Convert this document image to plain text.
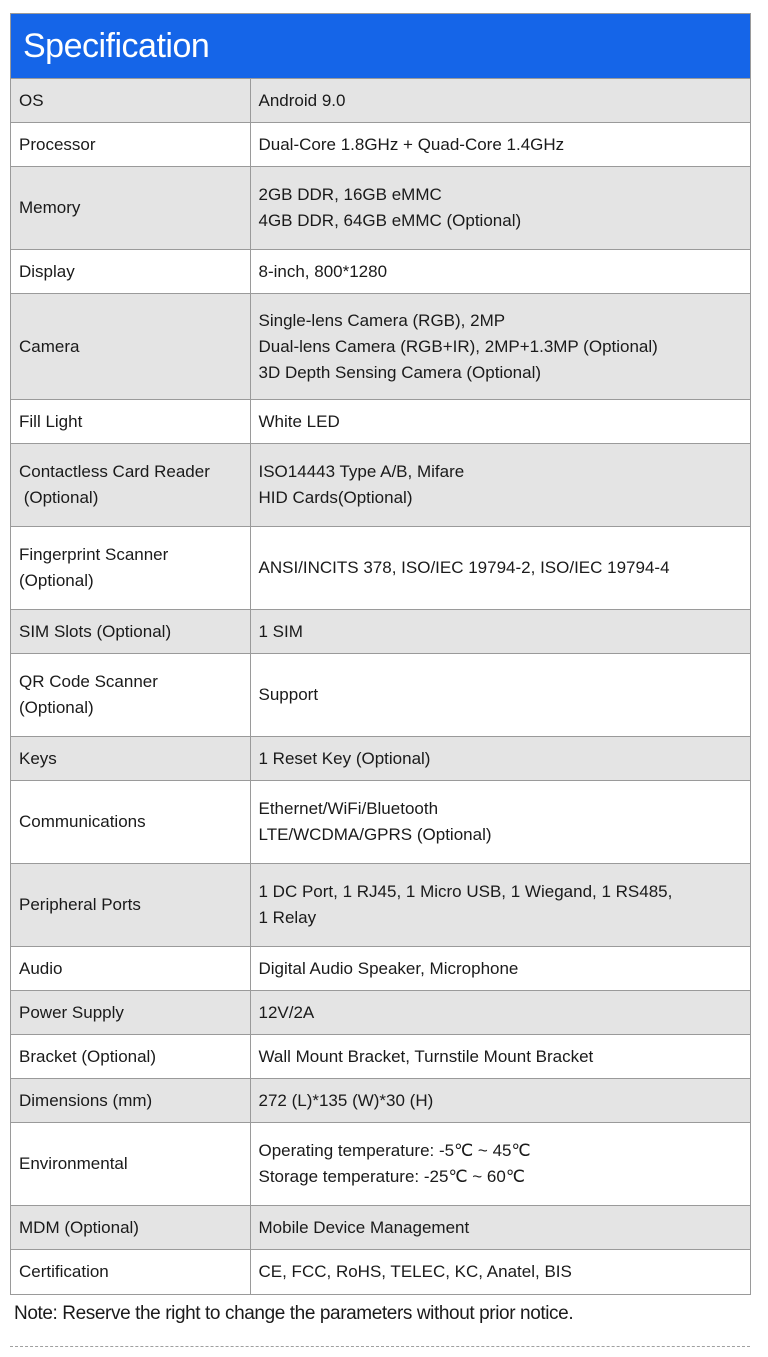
Specification
OS	Android 9.0

Processor	Dual-Core 1.8GHz + Quad-Core 1.4GHz

Memory	2GB DDR, 16GB eMMC
4GB DDR, 64GB eMMC (Optional)

Display	8-inch, 800*1280

Camera	Single-lens Camera (RGB), 2MP
Dual-lens Camera (RGB+IR), 2MP+1.3MP (Optional)
3D Depth Sensing Camera (Optional)

Fill Light	White LED

Contactless Card Reader
(Optional)	ISO14443 Type A/B, Mifare
HID Cards(Optional)

Fingerprint Scanner
(Optional)	ANSI/INCITS 378, ISO/IEC 19794-2, ISO/IEC 19794-4

SIM Slots (Optional)	1 SIM

QR Code Scanner
(Optional)	Support

Keys	1 Reset Key (Optional)

Communications	Ethernet/WiFi/Bluetooth
LTE/WCDMA/GPRS (Optional)

Peripheral Ports	1 DC Port, 1 RJ45, 1 Micro USB, 1 Wiegand, 1 RS485,
1 Relay

Audio	Digital Audio Speaker, Microphone

Power Supply	12V/2A

Bracket (Optional)	Wall Mount Bracket, Turnstile Mount Bracket

Dimensions (mm)	272 (L)*135 (W)*30 (H)

Environmental	Operating temperature: -5℃ ~ 45℃
Storage temperature: -25℃ ~ 60℃

MDM (Optional)	Mobile Device Management

Certification	CE, FCC, RoHS, TELEC, KC, Anatel, BIS
Note: Reserve the right to change the parameters without prior notice.
